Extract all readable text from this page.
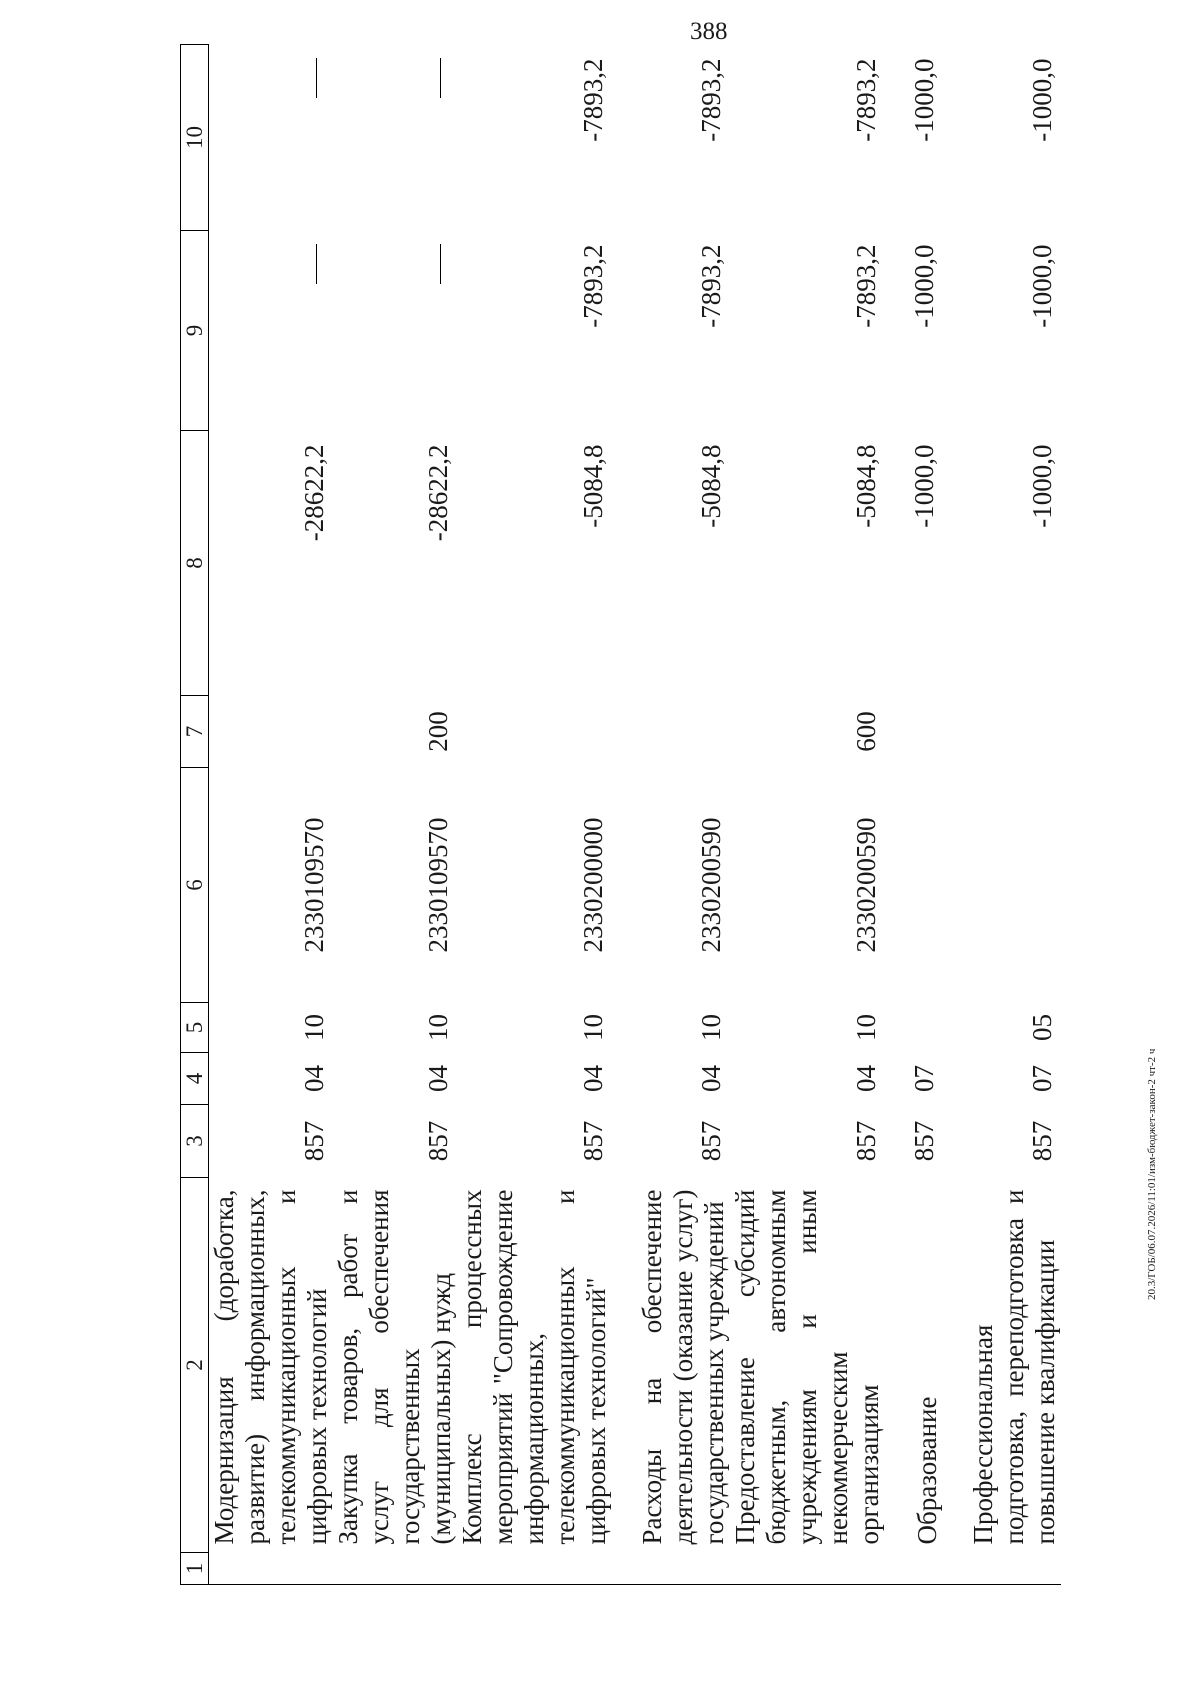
388
1	2	3	4	5	6	7	8	9	10
	Модернизация (доработка, развитие) информационных, телекоммуникационных и цифровых технологий	857	04	10	2330109570		-28622,2		
	Закупка товаров, работ и услуг для обеспечения государственных (муниципальных) нужд	857	04	10	2330109570	200	-28622,2		
	Комплекс процессных мероприятий "Сопровождение информационных, телекоммуникационных и цифровых технологий"	857	04	10	2330200000		-5084,8	-7893,2	-7893,2
	Расходы на обеспечение деятельности (оказание услуг) государственных учреждений	857	04	10	2330200590		-5084,8	-7893,2	-7893,2
	Предоставление субсидий бюджетным, автономным учреждениям и иным некоммерческим организациям	857	04	10	2330200590	600	-5084,8	-7893,2	-7893,2
	Образование	857	07				-1000,0	-1000,0	-1000,0
	Профессиональная подготовка, переподготовка и повышение квалификации	857	07	05			-1000,0	-1000,0	-1000,0
20.3/ГОБ/06.07.2026/11:01/изм-бюджет-закон-2 чт-2 ч
